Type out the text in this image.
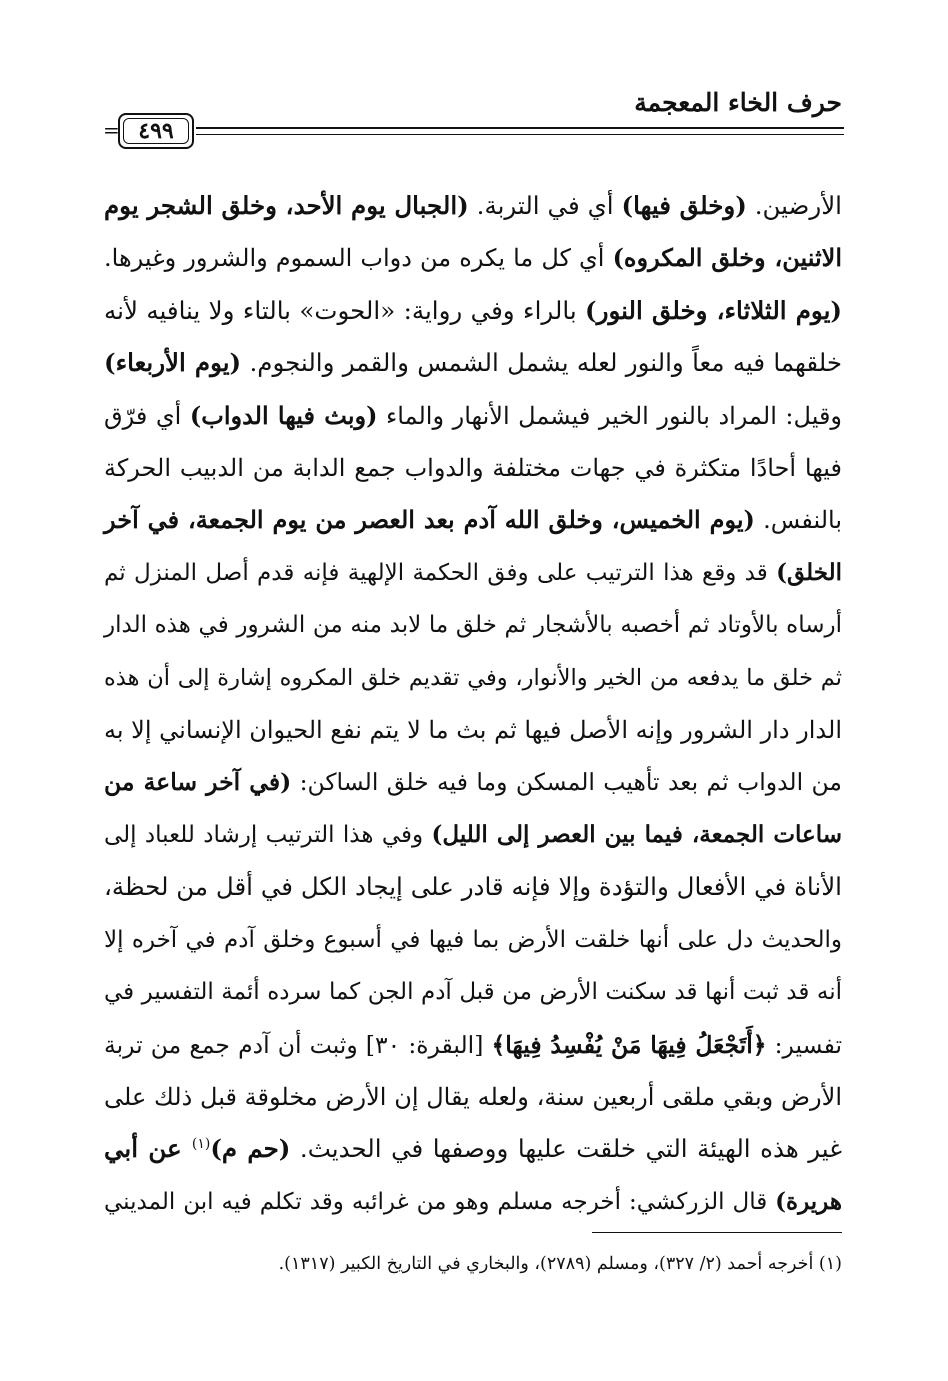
حرف الخاء المعجمة
٤٩٩
=

الأرضين. (وخلق فيها) أي في التربة. (الجبال يوم الأحد، وخلق الشجر يوم

الاثنين، وخلق المكروه) أي كل ما يكره من دواب السموم والشرور وغيرها.

(يوم الثلاثاء، وخلق النور) بالراء وفي رواية: «الحوت» بالتاء ولا ينافيه لأنه

خلقهما فيه معاً والنور لعله يشمل الشمس والقمر والنجوم. (يوم الأربعاء)

وقيل: المراد بالنور الخير فيشمل الأنهار والماء (وبث فيها الدواب) أي فرّق

فيها أحادًا متكثرة في جهات مختلفة والدواب جمع الدابة من الدبيب الحركة

بالنفس. (يوم الخميس، وخلق الله آدم بعد العصر من يوم الجمعة، في آخر

الخلق) قد وقع هذا الترتيب على وفق الحكمة الإلهية فإنه قدم أصل المنزل ثم

أرساه بالأوتاد ثم أخصبه بالأشجار ثم خلق ما لابد منه من الشرور في هذه الدار

ثم خلق ما يدفعه من الخير والأنوار، وفي تقديم خلق المكروه إشارة إلى أن هذه

الدار دار الشرور وإنه الأصل فيها ثم بث ما لا يتم نفع الحيوان الإنساني إلا به

من الدواب ثم بعد تأهيب المسكن وما فيه خلق الساكن: (في آخر ساعة من

ساعات الجمعة، فيما بين العصر إلى الليل) وفي هذا الترتيب إرشاد للعباد إلى

الأناة في الأفعال والتؤدة وإلا فإنه قادر على إيجاد الكل في أقل من لحظة،

والحديث دل على أنها خلقت الأرض بما فيها في أسبوع وخلق آدم في آخره إلا

أنه قد ثبت أنها قد سكنت الأرض من قبل آدم الجن كما سرده أئمة التفسير في

تفسير: ﴿أَتَجْعَلُ فِيهَا مَنْ يُفْسِدُ فِيهَا﴾ [البقرة: ٣٠] وثبت أن آدم جمع من تربة

الأرض وبقي ملقى أربعين سنة، ولعله يقال إن الأرض مخلوقة قبل ذلك على

غير هذه الهيئة التي خلقت عليها ووصفها في الحديث. (حم م)$^{(١)}$ عن أبي

هريرة) قال الزركشي: أخرجه مسلم وهو من غرائبه وقد تكلم فيه ابن المديني

(١) أخرجه أحمد (٢/ ٣٢٧)، ومسلم (٢٧٨٩)، والبخاري في التاريخ الكبير (١٣١٧).
